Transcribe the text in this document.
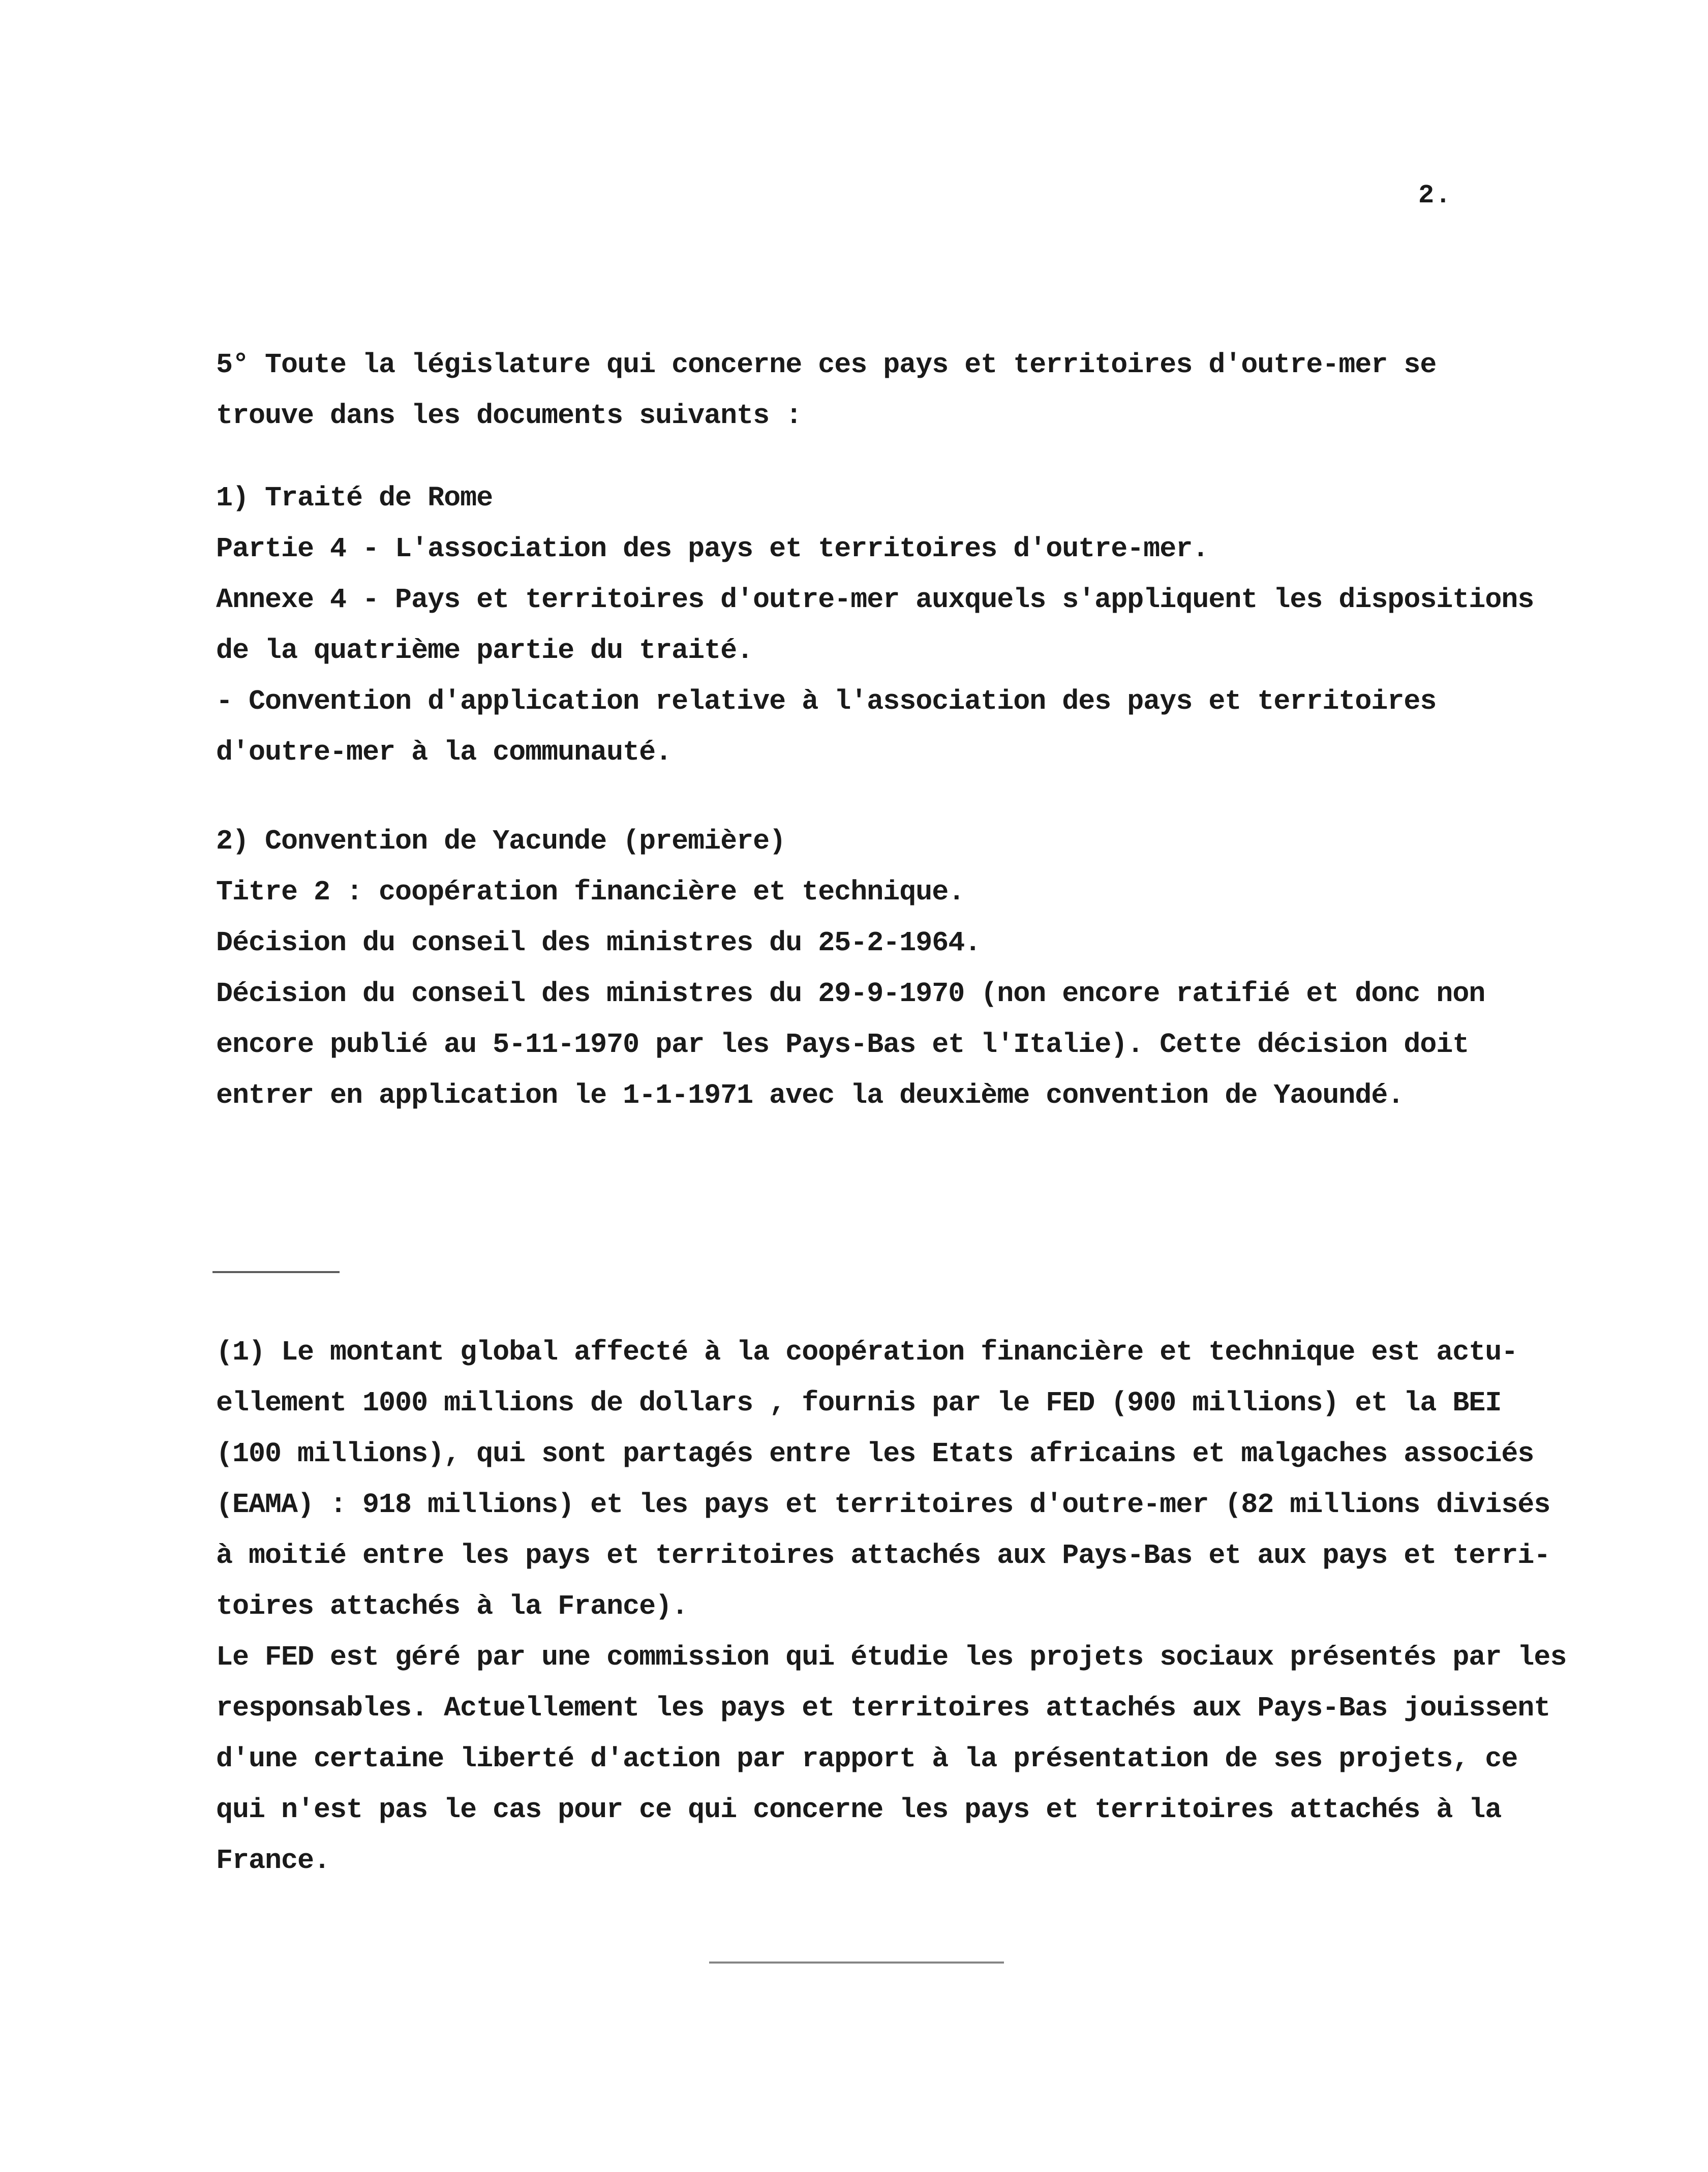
2.
5° Toute la législature qui concerne ces pays et territoires d'outre-mer se
trouve dans les documents suivants :
1) Traité de Rome
Partie 4 - L'association des pays et territoires d'outre-mer.
Annexe 4 - Pays et territoires d'outre-mer auxquels s'appliquent les dispositions
de la quatrième partie du traité.
- Convention d'application relative à l'association des pays et territoires
d'outre-mer à la communauté.
2) Convention de Yacunde (première)
Titre 2 : coopération financière et technique.
Décision du conseil des ministres du 25-2-1964.
Décision du conseil des ministres du 29-9-1970 (non encore ratifié et donc non
encore publié au 5-11-1970 par les Pays-Bas et l'Italie). Cette décision doit
entrer en application le 1-1-1971 avec la deuxième convention de Yaoundé.
(1) Le montant global affecté à la coopération financière et technique est actu-
ellement 1000 millions de dollars , fournis par le FED (900 millions) et la BEI
(100 millions), qui sont partagés entre les Etats africains et malgaches associés
(EAMA) : 918 millions) et les pays et territoires d'outre-mer (82 millions divisés
à moitié entre les pays et territoires attachés aux Pays-Bas et aux pays et terri-
toires attachés à la France).
Le FED est géré par une commission qui étudie les projets sociaux présentés par les
responsables. Actuellement les pays et territoires attachés aux Pays-Bas jouissent
d'une certaine liberté d'action par rapport à la présentation de ses projets, ce
qui n'est pas le cas pour ce qui concerne les pays et territoires attachés à la
France.
